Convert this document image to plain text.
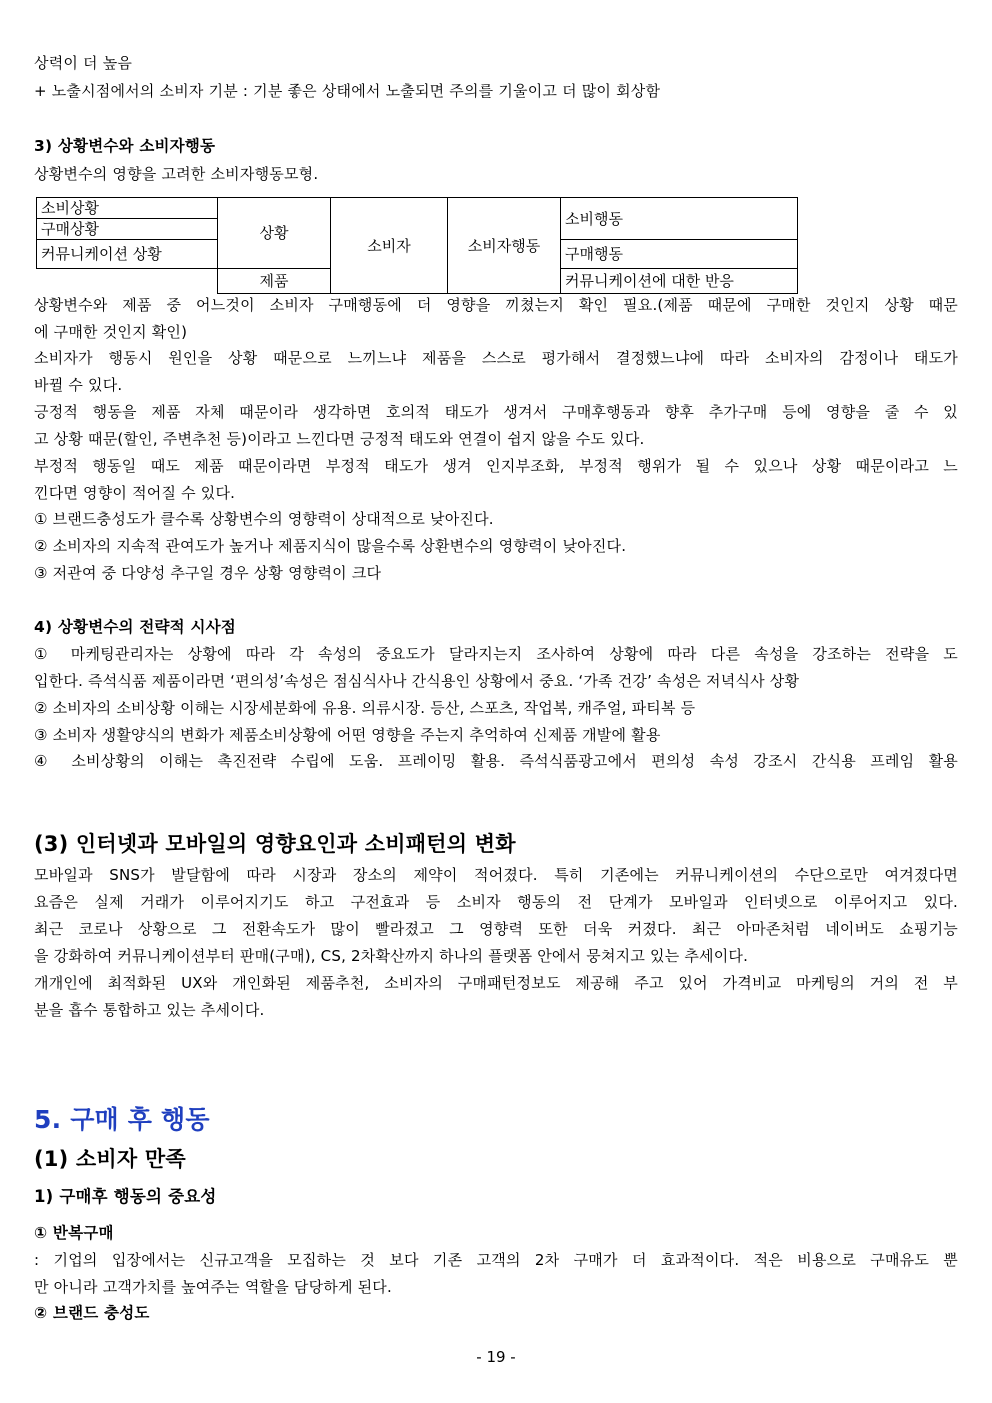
상력이 더 높음
+ 노출시점에서의 소비자 기분 : 기분 좋은 상태에서 노출되면 주의를 기울이고 더 많이 회상함
3) 상황변수와 소비자행동
상황변수의 영향을 고려한 소비자행동모형.
소비상황	상황	소비자	소비자행동	소비행동
구매상황				
커뮤니케이션 상황				구매행동
	제품			커뮤니케이션에 대한 반응
상황변수와 제품 중 어느것이 소비자 구매행동에 더 영향을 끼쳤는지 확인 필요.(제품 때문에 구매한 것인지 상황 때문
에 구매한 것인지 확인)
소비자가 행동시 원인을 상황 때문으로 느끼느냐 제품을 스스로 평가해서 결정했느냐에 따라 소비자의 감정이나 태도가
바뀔 수 있다.
긍정적 행동을 제품 자체 때문이라 생각하면 호의적 태도가 생겨서 구매후행동과 향후 추가구매 등에 영향을 줄 수 있
고 상황 때문(할인, 주변추천 등)이라고 느낀다면 긍정적 태도와 연결이 쉽지 않을 수도 있다.
부정적 행동일 때도 제품 때문이라면 부정적 태도가 생겨 인지부조화, 부정적 행위가 될 수 있으나 상황 때문이라고 느
낀다면 영향이 적어질 수 있다.
① 브랜드충성도가 클수록 상황변수의 영향력이 상대적으로 낮아진다.
② 소비자의 지속적 관여도가 높거나 제품지식이 많을수록 상환변수의 영향력이 낮아진다.
③ 저관여 중 다양성 추구일 경우 상황 영향력이 크다
4) 상황변수의 전략적 시사점
① 마케팅관리자는 상황에 따라 각 속성의 중요도가 달라지는지 조사하여 상황에 따라 다른 속성을 강조하는 전략을 도
입한다. 즉석식품 제품이라면 ‘편의성’속성은 점심식사나 간식용인 상황에서 중요. ‘가족 건강’ 속성은 저녁식사 상황
② 소비자의 소비상황 이해는 시장세분화에 유용. 의류시장. 등산, 스포츠, 작업복, 캐주얼, 파티복 등
③ 소비자 생활양식의 변화가 제품소비상황에 어떤 영향을 주는지 추억하여 신제품 개발에 활용
④ 소비상황의 이해는 촉진전략 수립에 도움. 프레이밍 활용. 즉석식품광고에서 편의성 속성 강조시 간식용 프레임 활용
(3) 인터넷과 모바일의 영향요인과 소비패턴의 변화
모바일과 SNS가 발달함에 따라 시장과 장소의 제약이 적어졌다. 특히 기존에는 커뮤니케이션의 수단으로만 여겨졌다면
요즘은 실제 거래가 이루어지기도 하고 구전효과 등 소비자 행동의 전 단계가 모바일과 인터넷으로 이루어지고 있다.
최근 코로나 상황으로 그 전환속도가 많이 빨라졌고 그 영향력 또한 더욱 커졌다. 최근 아마존처럼 네이버도 쇼핑기능
을 강화하여 커뮤니케이션부터 판매(구매), CS, 2차확산까지 하나의 플랫폼 안에서 뭉쳐지고 있는 추세이다.
개개인에 최적화된 UX와 개인화된 제품추천, 소비자의 구매패턴정보도 제공해 주고 있어 가격비교 마케팅의 거의 전 부
분을 흡수 통합하고 있는 추세이다.
5. 구매 후 행동
(1) 소비자 만족
1) 구매후 행동의 중요성
① 반복구매
: 기업의 입장에서는 신규고객을 모집하는 것 보다 기존 고객의 2차 구매가 더 효과적이다. 적은 비용으로 구매유도 뿐
만 아니라 고객가치를 높여주는 역할을 담당하게 된다.
② 브랜드 충성도
- 19 -
